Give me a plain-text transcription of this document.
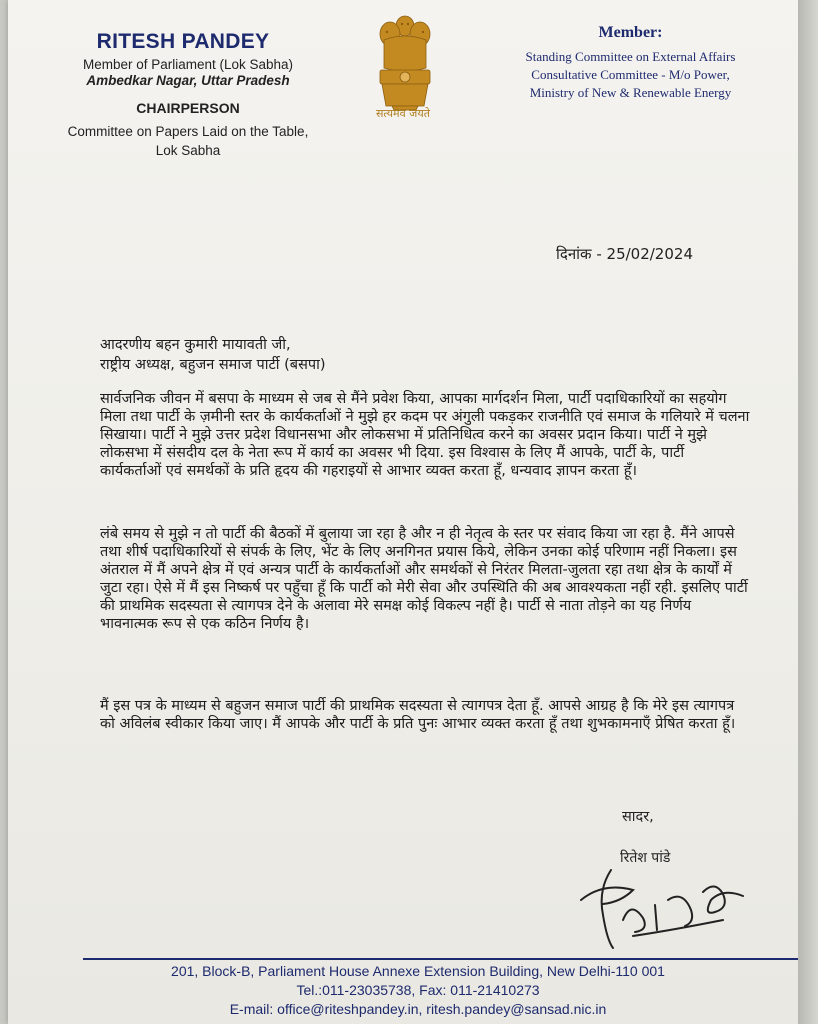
RITESH PANDEY
Member of Parliament (Lok Sabha)
Ambedkar Nagar, Uttar Pradesh
CHAIRPERSON
Committee on Papers Laid on the Table,
Lok Sabha
सत्यमेव जयते
Member:
Standing Committee on External Affairs
Consultative Committee - M/o Power,
Ministry of New & Renewable Energy
दिनांक - 25/02/2024
आदरणीय बहन कुमारी मायावती जी,
राष्ट्रीय अध्यक्ष, बहुजन समाज पार्टी (बसपा)
सार्वजनिक जीवन में बसपा के माध्यम से जब से मैंने प्रवेश किया, आपका मार्गदर्शन मिला, पार्टी पदाधिकारियों का सहयोग मिला तथा पार्टी के ज़मीनी स्तर के कार्यकर्ताओं ने मुझे हर कदम पर अंगुली पकड़कर राजनीति एवं समाज के गलियारे में चलना सिखाया। पार्टी ने मुझे उत्तर प्रदेश विधानसभा और लोकसभा में प्रतिनिधित्व करने का अवसर प्रदान किया। पार्टी ने मुझे लोकसभा में संसदीय दल के नेता रूप में कार्य का अवसर भी दिया. इस विश्वास के लिए मैं आपके, पार्टी के, पार्टी कार्यकर्ताओं एवं समर्थकों के प्रति हृदय की गहराइयों से आभार व्यक्त करता हूँ, धन्यवाद ज्ञापन करता हूँ।
लंबे समय से मुझे न तो पार्टी की बैठकों में बुलाया जा रहा है और न ही नेतृत्व के स्तर पर संवाद किया जा रहा है. मैंने आपसे तथा शीर्ष पदाधिकारियों से संपर्क के लिए, भेंट के लिए अनगिनत प्रयास किये, लेकिन उनका कोई परिणाम नहीं निकला। इस अंतराल में मैं अपने क्षेत्र में एवं अन्यत्र पार्टी के कार्यकर्ताओं और समर्थकों से निरंतर मिलता-जुलता रहा तथा क्षेत्र के कार्यों में जुटा रहा। ऐसे में मैं इस निष्कर्ष पर पहुँचा हूँ कि पार्टी को मेरी सेवा और उपस्थिति की अब आवश्यकता नहीं रही. इसलिए पार्टी की प्राथमिक सदस्यता से त्यागपत्र देने के अलावा मेरे समक्ष कोई विकल्प नहीं है। पार्टी से नाता तोड़ने का यह निर्णय भावनात्मक रूप से एक कठिन निर्णय है।
मैं इस पत्र के माध्यम से बहुजन समाज पार्टी की प्राथमिक सदस्यता से त्यागपत्र देता हूँ. आपसे आग्रह है कि मेरे इस त्यागपत्र को अविलंब स्वीकार किया जाए। मैं आपके और पार्टी के प्रति पुनः आभार व्यक्त करता हूँ तथा शुभकामनाएँ प्रेषित करता हूँ।
सादर,
रितेश पांडे
201, Block-B, Parliament House Annexe Extension Building, New Delhi-110 001
Tel.:011-23035738, Fax: 011-21410273
E-mail: office@riteshpandey.in, ritesh.pandey@sansad.nic.in
